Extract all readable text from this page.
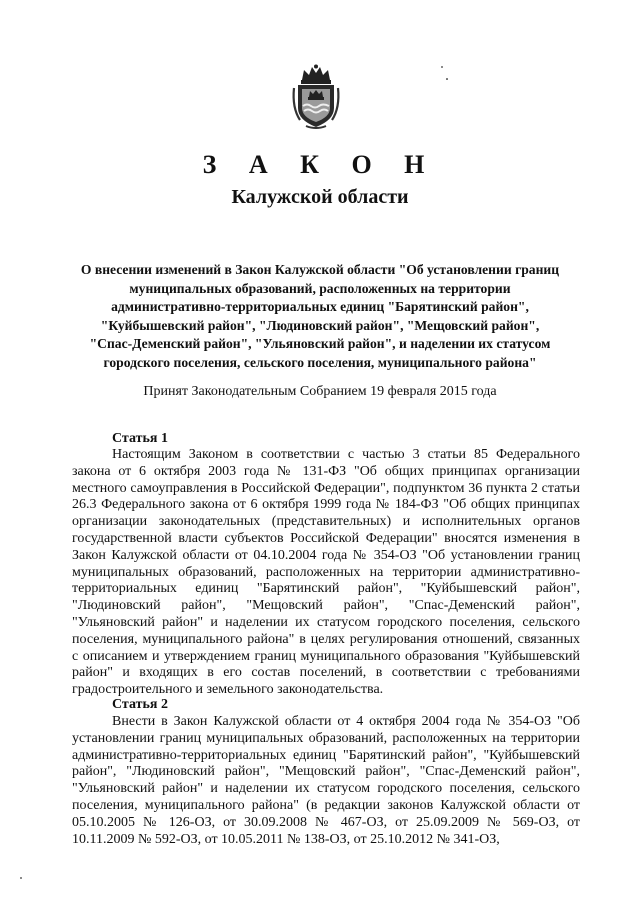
З А К О Н
Калужской области
О внесении изменений в Закон Калужской области "Об установлении границ муниципальных образований, расположенных на территории административно-территориальных единиц "Барятинский район", "Куйбышевский район", "Людиновский район", "Мещовский район", "Спас-Деменский район", "Ульяновский район", и наделении их статусом городского поселения, сельского поселения, муниципального района"
Принят Законодательным Собранием 19 февраля 2015 года
Статья 1
Настоящим Законом в соответствии с частью 3 статьи 85 Федерального закона от 6 октября 2003 года № 131-ФЗ "Об общих принципах организации местного самоуправления в Российской Федерации", подпунктом 36 пункта 2 статьи 26.3 Федерального закона от 6 октября 1999 года № 184-ФЗ "Об общих принципах организации законодательных (представительных) и исполнительных органов государственной власти субъектов Российской Федерации" вносятся изменения в Закон Калужской области от 04.10.2004 года № 354-ОЗ "Об установлении границ муниципальных образований, расположенных на территории административно-территориальных единиц "Барятинский район", "Куйбышевский район", "Людиновский район", "Мещовский район", "Спас-Деменский район", "Ульяновский район" и наделении их статусом городского поселения, сельского поселения, муниципального района" в целях регулирования отношений, связанных с описанием и утверждением границ муниципального образования "Куйбышевский район" и входящих в его состав поселений, в соответствии с требованиями градостроительного и земельного законодательства.
Статья 2
Внести в Закон Калужской области от 4 октября 2004 года № 354-ОЗ "Об установлении границ муниципальных образований, расположенных на территории административно-территориальных единиц "Барятинский район", "Куйбышевский район", "Людиновский район", "Мещовский район", "Спас-Деменский район", "Ульяновский район" и наделении их статусом городского поселения, сельского поселения, муниципального района" (в редакции законов Калужской области от 05.10.2005 № 126-ОЗ, от 30.09.2008 № 467-ОЗ, от 25.09.2009 № 569-ОЗ, от 10.11.2009 № 592-ОЗ, от 10.05.2011 № 138-ОЗ, от 25.10.2012 № 341-ОЗ,
